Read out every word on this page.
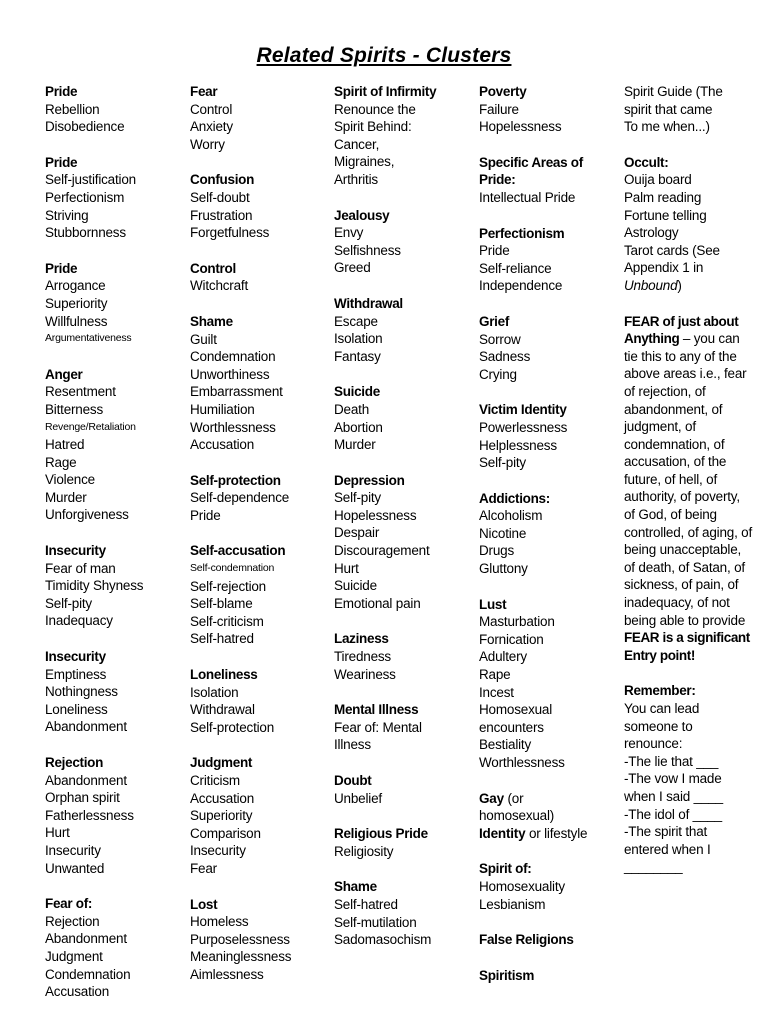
Related Spirits - Clusters
Pride
Rebellion
Disobedience
Pride
Self-justification
Perfectionism
Striving
Stubbornness
Pride
Arrogance
Superiority
Willfulness
Argumentativeness
Anger
Resentment
Bitterness
Revenge/Retaliation
Hatred
Rage
Violence
Murder
Unforgiveness
Insecurity
Fear of man
Timidity Shyness
Self-pity
Inadequacy
Insecurity
Emptiness
Nothingness
Loneliness
Abandonment
Rejection
Abandonment
Orphan spirit
Fatherlessness
Hurt
Insecurity
Unwanted
Fear of:
Rejection
Abandonment
Judgment
Condemnation
Accusation
Fear
Control
Anxiety
Worry
Confusion
Self-doubt
Frustration
Forgetfulness
Control
Witchcraft
Shame
Guilt
Condemnation
Unworthiness
Embarrassment
Humiliation
Worthlessness
Accusation
Self-protection
Self-dependence
Pride
Self-accusation
Self-condemnation
Self-rejection
Self-blame
Self-criticism
Self-hatred
Loneliness
Isolation
Withdrawal
Self-protection
Judgment
Criticism
Accusation
Superiority
Comparison
Insecurity
Fear
Lost
Homeless
Purposelessness
Meaninglessness
Aimlessness
Spirit of Infirmity
Renounce the
Spirit Behind:
Cancer,
Migraines,
Arthritis
Jealousy
Envy
Selfishness
Greed
Withdrawal
Escape
Isolation
Fantasy
Suicide
Death
Abortion
Murder
Depression
Self-pity
Hopelessness
Despair
Discouragement
Hurt
Suicide
Emotional pain
Laziness
Tiredness
Weariness
Mental Illness
Fear of: Mental
Illness
Doubt
Unbelief
Religious Pride
Religiosity
Shame
Self-hatred
Self-mutilation
Sadomasochism
Poverty
Failure
Hopelessness
Specific Areas of
Pride:
Intellectual Pride
Perfectionism
Pride
Self-reliance
Independence
Grief
Sorrow
Sadness
Crying
Victim Identity
Powerlessness
Helplessness
Self-pity
Addictions:
Alcoholism
Nicotine
Drugs
Gluttony
Lust
Masturbation
Fornication
Adultery
Rape
Incest
Homosexual
encounters
Bestiality
Worthlessness
Gay (or
homosexual)
Identity or lifestyle
Spirit of:
Homosexuality
Lesbianism
False Religions
Spiritism
Spirit Guide (The
spirit that came
To me when...)
Occult:
Ouija board
Palm reading
Fortune telling
Astrology
Tarot cards (See
Appendix 1 in
Unbound)
FEAR of just about
Anything – you can tie this to any of the above areas i.e., fear of rejection, of abandonment, of judgment, of condemnation, of accusation, of the future, of hell, of authority, of poverty, of God, of being controlled, of aging, of being unacceptable, of death, of Satan, of sickness, of pain, of inadequacy, of not being able to provide FEAR is a significant Entry point!
Remember:
You can lead
someone to
renounce:
-The lie that ___
-The vow I made
when I said ____
-The idol of ____
-The spirit that
entered when I
________
